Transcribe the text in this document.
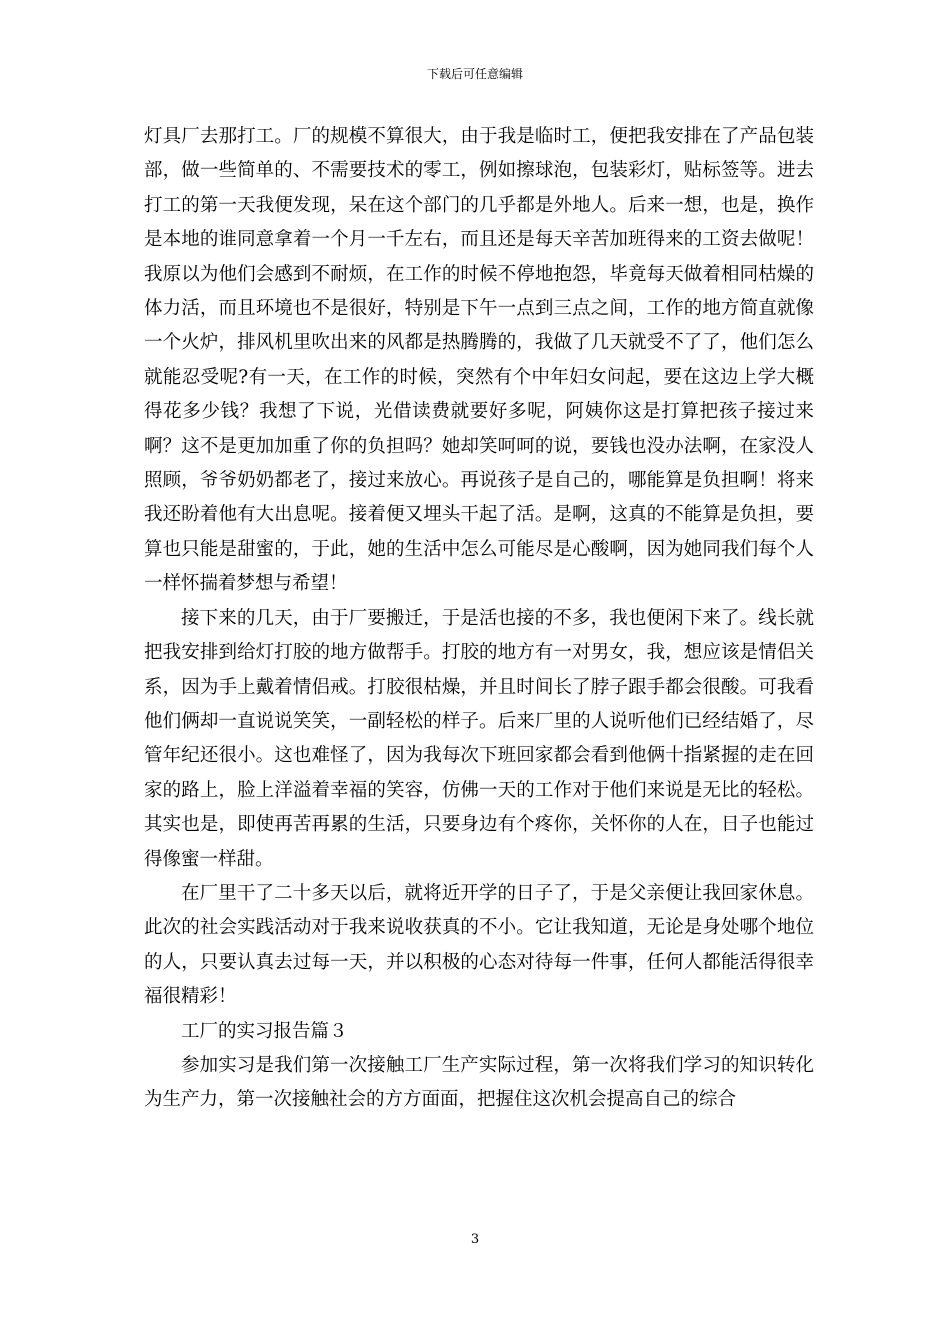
下载后可任意编辑

灯具厂去那打工。厂的规模不算很大，由于我是临时工，便把我安排在了产品包装部，做一些简单的、不需要技术的零工，例如擦球泡，包装彩灯，贴标签等。进去打工的第一天我便发现，呆在这个部门的几乎都是外地人。后来一想，也是，换作是本地的谁同意拿着一个月一千左右，而且还是每天辛苦加班得来的工资去做呢！我原以为他们会感到不耐烦，在工作的时候不停地抱怨，毕竟每天做着相同枯燥的体力活，而且环境也不是很好，特别是下午一点到三点之间，工作的地方简直就像一个火炉，排风机里吹出来的风都是热腾腾的，我做了几天就受不了了，他们怎么就能忍受呢?有一天，在工作的时候，突然有个中年妇女问起，要在这边上学大概得花多少钱？我想了下说，光借读费就要好多呢，阿姨你这是打算把孩子接过来啊？这不是更加加重了你的负担吗？她却笑呵呵的说，要钱也没办法啊，在家没人照顾，爷爷奶奶都老了，接过来放心。再说孩子是自己的，哪能算是负担啊！将来我还盼着他有大出息呢。接着便又埋头干起了活。是啊，这真的不能算是负担，要算也只能是甜蜜的，于此，她的生活中怎么可能尽是心酸啊，因为她同我们每个人一样怀揣着梦想与希望！

接下来的几天，由于厂要搬迁，于是活也接的不多，我也便闲下来了。线长就把我安排到给灯打胶的地方做帮手。打胶的地方有一对男女，我，想应该是情侣关系，因为手上戴着情侣戒。打胶很枯燥，并且时间长了脖子跟手都会很酸。可我看他们俩却一直说说笑笑，一副轻松的样子。后来厂里的人说听他们已经结婚了，尽管年纪还很小。这也难怪了，因为我每次下班回家都会看到他俩十指紧握的走在回家的路上，脸上洋溢着幸福的笑容，仿佛一天的工作对于他们来说是无比的轻松。其实也是，即使再苦再累的生活，只要身边有个疼你，关怀你的人在，日子也能过得像蜜一样甜。

在厂里干了二十多天以后，就将近开学的日子了，于是父亲便让我回家休息。此次的社会实践活动对于我来说收获真的不小。它让我知道，无论是身处哪个地位的人，只要认真去过每一天，并以积极的心态对待每一件事，任何人都能活得很幸福很精彩！

工厂的实习报告篇３

参加实习是我们第一次接触工厂生产实际过程，第一次将我们学习的知识转化为生产力，第一次接触社会的方方面面，把握住这次机会提高自己的综合

3
